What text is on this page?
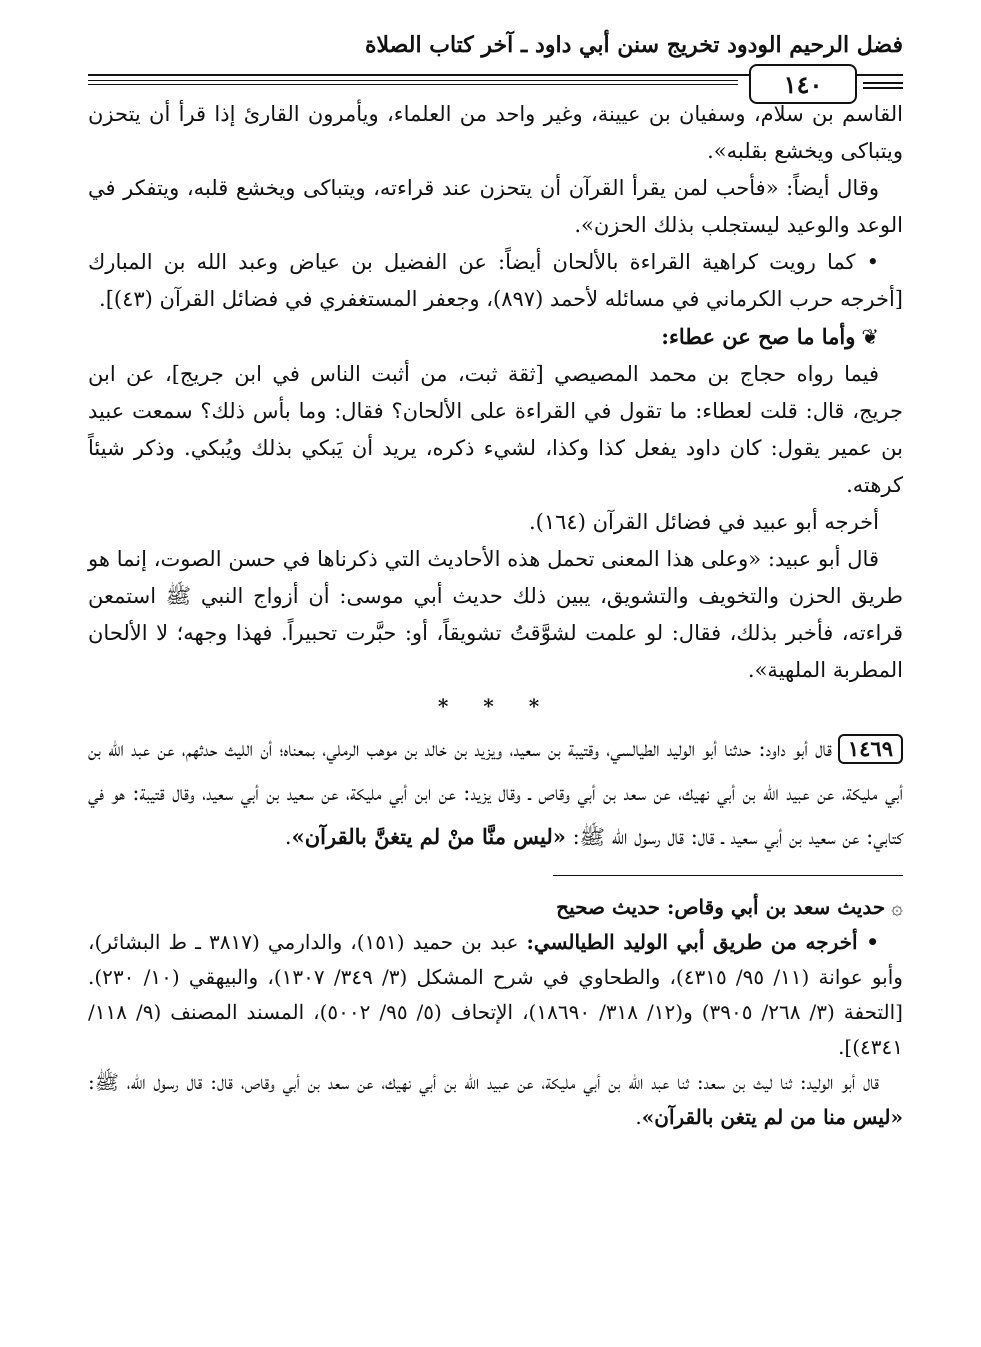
فضل الرحيم الودود تخريج سنن أبي داود ـ آخر كتاب الصلاة
١٤٠

القاسم بن سلام، وسفيان بن عيينة، وغير واحد من العلماء، ويأمرون القارئ إذا قرأ أن يتحزن ويتباكى ويخشع بقلبه».

وقال أيضاً: «فأحب لمن يقرأ القرآن أن يتحزن عند قراءته، ويتباكى ويخشع قلبه، ويتفكر في الوعد والوعيد ليستجلب بذلك الحزن».

• كما رويت كراهية القراءة بالألحان أيضاً: عن الفضيل بن عياض وعبد الله بن المبارك [أخرجه حرب الكرماني في مسائله لأحمد (٨٩٧)، وجعفر المستغفري في فضائل القرآن (٤٣)].

❦وأما ما صح عن عطاء:

فيما رواه حجاج بن محمد المصيصي [ثقة ثبت، من أثبت الناس في ابن جريج]، عن ابن جريج، قال: قلت لعطاء: ما تقول في القراءة على الألحان؟ فقال: وما بأس ذلك؟ سمعت عبيد بن عمير يقول: كان داود يفعل كذا وكذا، لشيء ذكره، يريد أن يَبكي بذلك ويُبكي. وذكر شيئاً كرهته.

أخرجه أبو عبيد في فضائل القرآن (١٦٤).

قال أبو عبيد: «وعلى هذا المعنى تحمل هذه الأحاديث التي ذكرناها في حسن الصوت، إنما هو طريق الحزن والتخويف والتشويق، يبين ذلك حديث أبي موسى: أن أزواج النبي ﷺ استمعن قراءته، فأخبر بذلك، فقال: لو علمت لشوَّقتُ تشويقاً، أو: حبَّرت تحبيراً. فهذا وجهه؛ لا الألحان المطربة الملهية».

* * *

١٤٦٩قال أبو داود: حدثنا أبو الوليد الطيالسي، وقتيبة بن سعيد، ويزيد بن خالد بن موهب الرملي، بمعناه؛ أن الليث حدثهم، عن عبد الله بن أبي مليكة، عن عبيد الله بن أبي نهيك، عن سعد بن أبي وقاص ـ وقال يزيد: عن ابن أبي مليكة، عن سعيد بن أبي سعيد، وقال قتيبة: هو في كتابي: عن سعيد بن أبي سعيد ـ قال: قال رسول الله ﷺ: «ليس منَّا منْ لم يتغنَّ بالقرآن».

۞حديث سعد بن أبي وقاص: حديث صحيح

• أخرجه من طريق أبي الوليد الطيالسي: عبد بن حميد (١٥١)، والدارمي (٣٨١٧ ـ ط البشائر)، وأبو عوانة (١١/ ٩٥/ ٤٣١٥)، والطحاوي في شرح المشكل (٣/ ٣٤٩/ ١٣٠٧)، والبيهقي (١٠/ ٢٣٠). [التحفة (٣/ ٢٦٨/ ٣٩٠٥) و(١٢/ ٣١٨/ ١٨٦٩٠)، الإتحاف (٥/ ٩٥/ ٥٠٠٢)، المسند المصنف (٩/ ١١٨/ ٤٣٤١)].

قال أبو الوليد: ثنا ليث بن سعد: ثنا عبد الله بن أبي مليكة، عن عبيد الله بن أبي نهيك، عن سعد بن أبي وقاص، قال: قال رسول الله، ﷺ: «ليس منا من لم يتغن بالقرآن».
